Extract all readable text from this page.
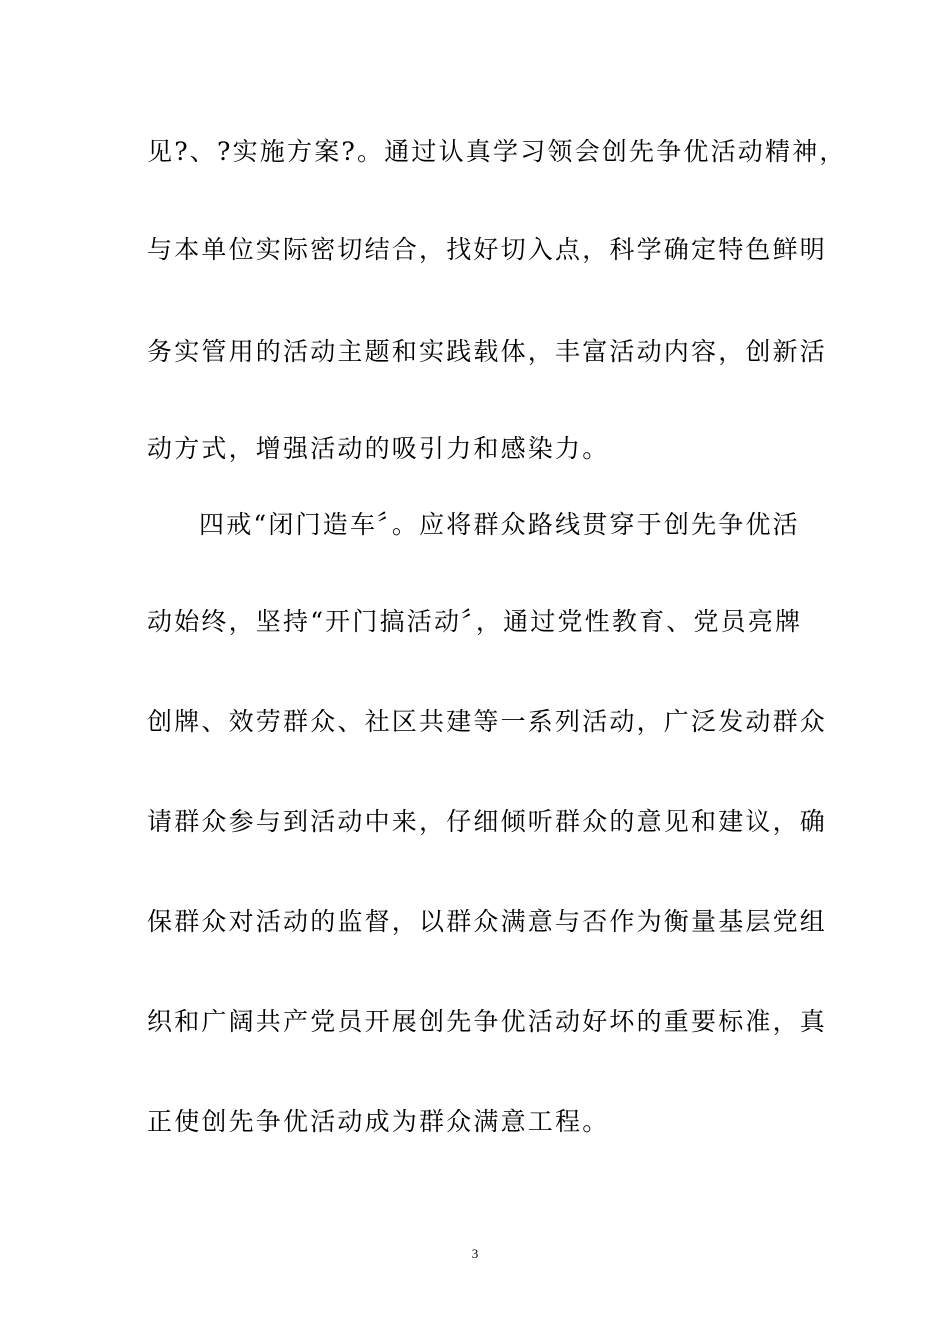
见?、?实施方案?。通过认真学习领会创先争优活动精神，
与本单位实际密切结合，找好切入点，科学确定特色鲜明
务实管用的活动主题和实践载体，丰富活动内容，创新活
动方式，增强活动的吸引力和感染力。
四戒“闭门造车〞。应将群众路线贯穿于创先争优活
动始终，坚持“开门搞活动〞，通过党性教育、党员亮牌
创牌、效劳群众、社区共建等一系列活动，广泛发动群众
请群众参与到活动中来，仔细倾听群众的意见和建议，确
保群众对活动的监督，以群众满意与否作为衡量基层党组
织和广阔共产党员开展创先争优活动好坏的重要标准，真
正使创先争优活动成为群众满意工程。
3
